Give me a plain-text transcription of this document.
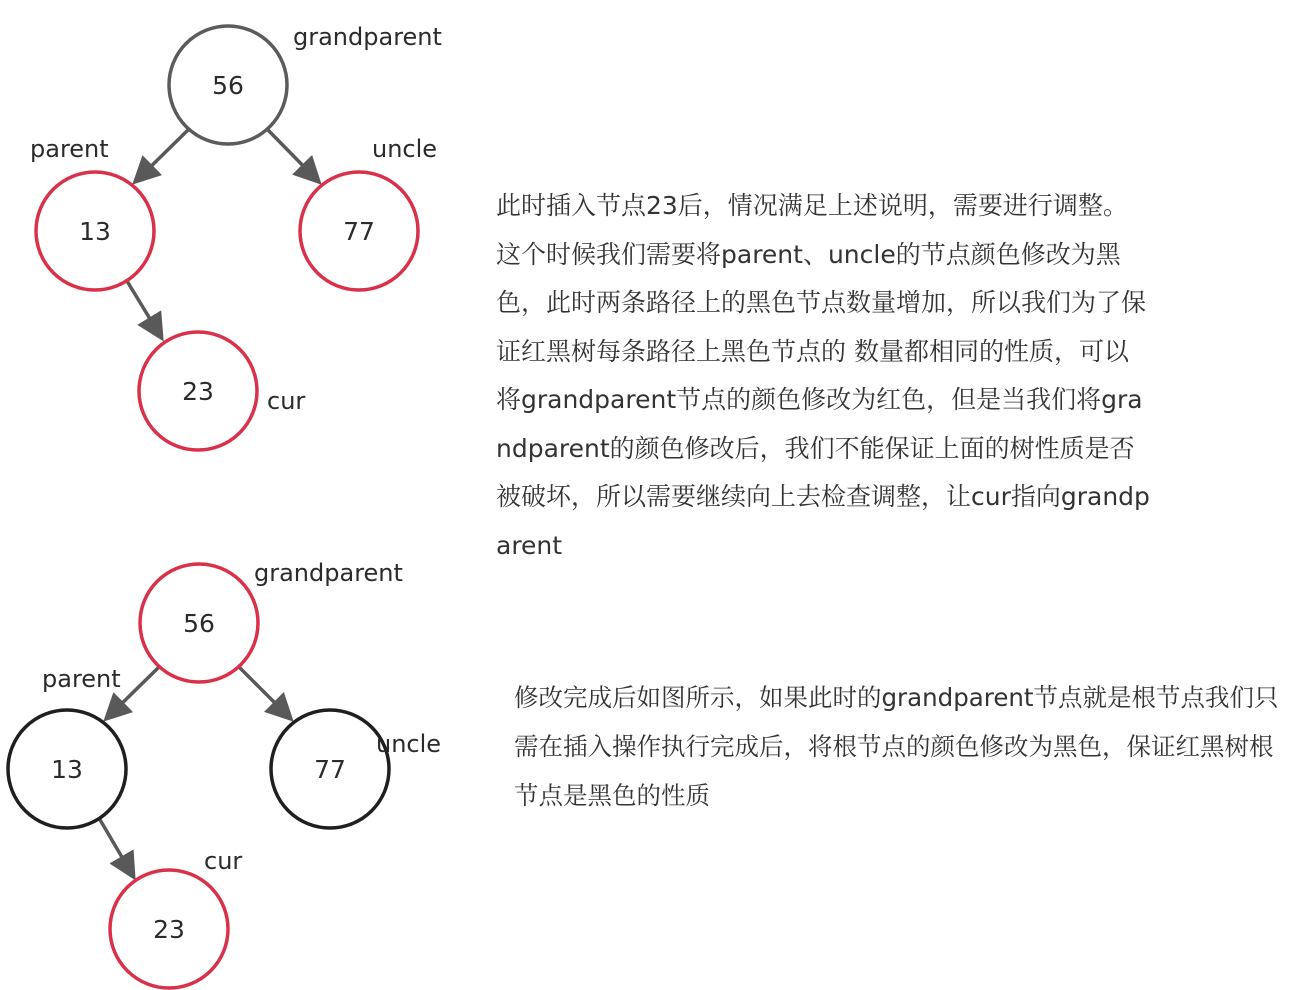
56
13	77
23
grandparent
parent	uncle
cur
56
13	77
23
grandparent
parent
uncle
cur

此时插入节点23后，情况满足上述说明，需要进行调整。 这个时候我们需要将parent、uncle的节点颜色修改为黑色，此时两条路径上的黑色节点数量增加，所以我们为了保证红黑树每条路径上黑色节点的 数量都相同的性质，可以将grandparent节点的颜色修改为红色，但是当我们将grandparent的颜色修改后，我们不能保证上面的树性质是否被破坏，所以需要继续向上去检查调整，让cur指向grandparent

修改完成后如图所示，如果此时的grandparent节点就是根节点我们只需在插入操作执行完成后，将根节点的颜色修改为黑色，保证红黑树根节点是黑色的性质
